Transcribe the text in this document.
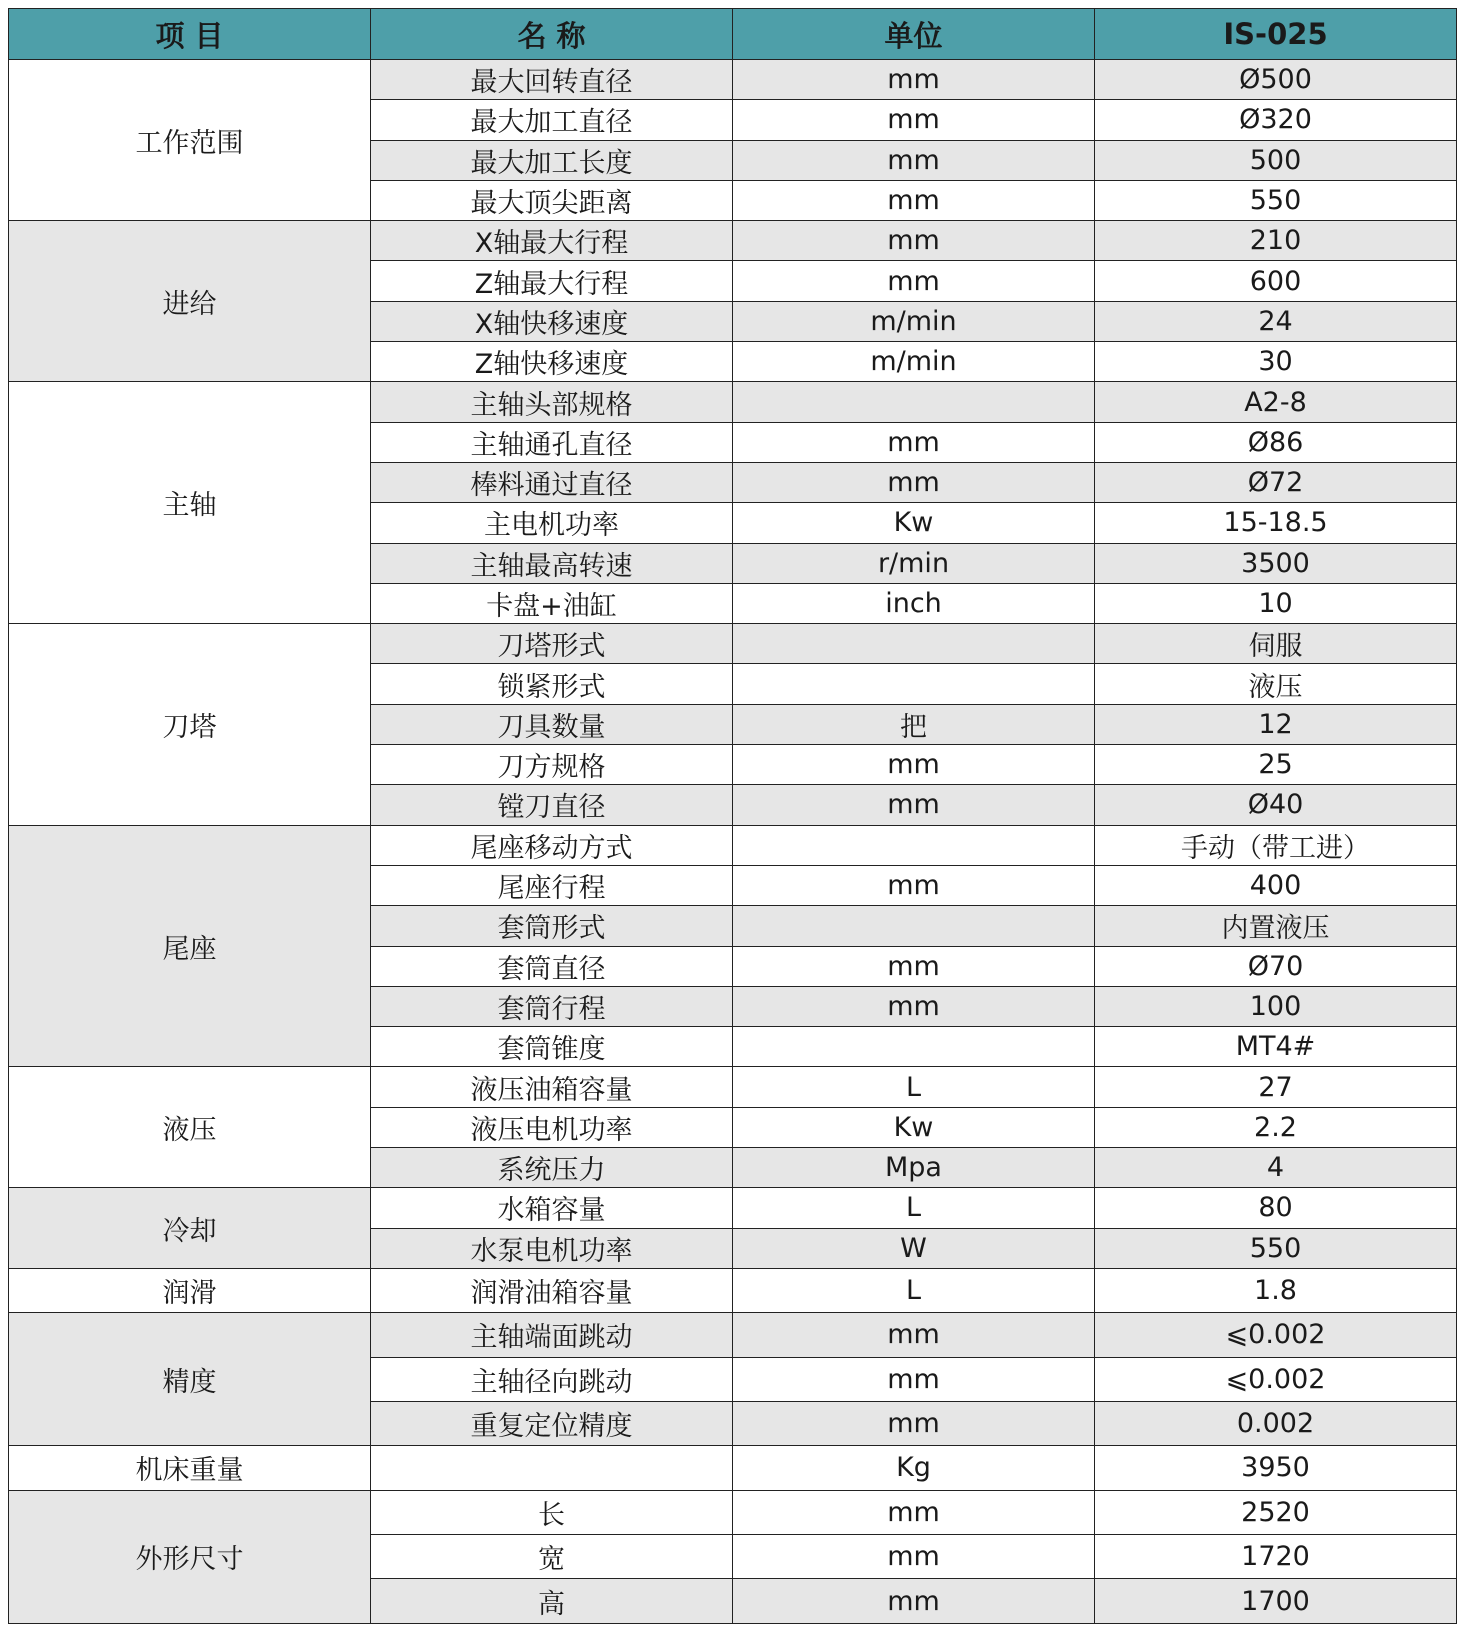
项 目	名 称	单位	IS-025
工作范围	最大回转直径	mm	Ø500
	最大加工直径	mm	Ø320
	最大加工长度	mm	500
	最大顶尖距离	mm	550
进给	X轴最大行程	mm	210
	Z轴最大行程	mm	600
	X轴快移速度	m/min	24
	Z轴快移速度	m/min	30
主轴	主轴头部规格		A2-8
	主轴通孔直径	mm	Ø86
	棒料通过直径	mm	Ø72
	主电机功率	Kw	15-18.5
	主轴最高转速	r/min	3500
	卡盘+油缸	inch	10
刀塔	刀塔形式		伺服
	锁紧形式		液压
	刀具数量	把	12
	刀方规格	mm	25
	镗刀直径	mm	Ø40
尾座	尾座移动方式		手动（带工进）
	尾座行程	mm	400
	套筒形式		内置液压
	套筒直径	mm	Ø70
	套筒行程	mm	100
	套筒锥度		MT4#
液压	液压油箱容量	L	27
	液压电机功率	Kw	2.2
	系统压力	Mpa	4
冷却	水箱容量	L	80
	水泵电机功率	W	550
润滑	润滑油箱容量	L	1.8
精度	主轴端面跳动	mm	⩽0.002
	主轴径向跳动	mm	⩽0.002
	重复定位精度	mm	0.002
机床重量		Kg	3950
外形尺寸	长	mm	2520
	宽	mm	1720
	高	mm	1700
